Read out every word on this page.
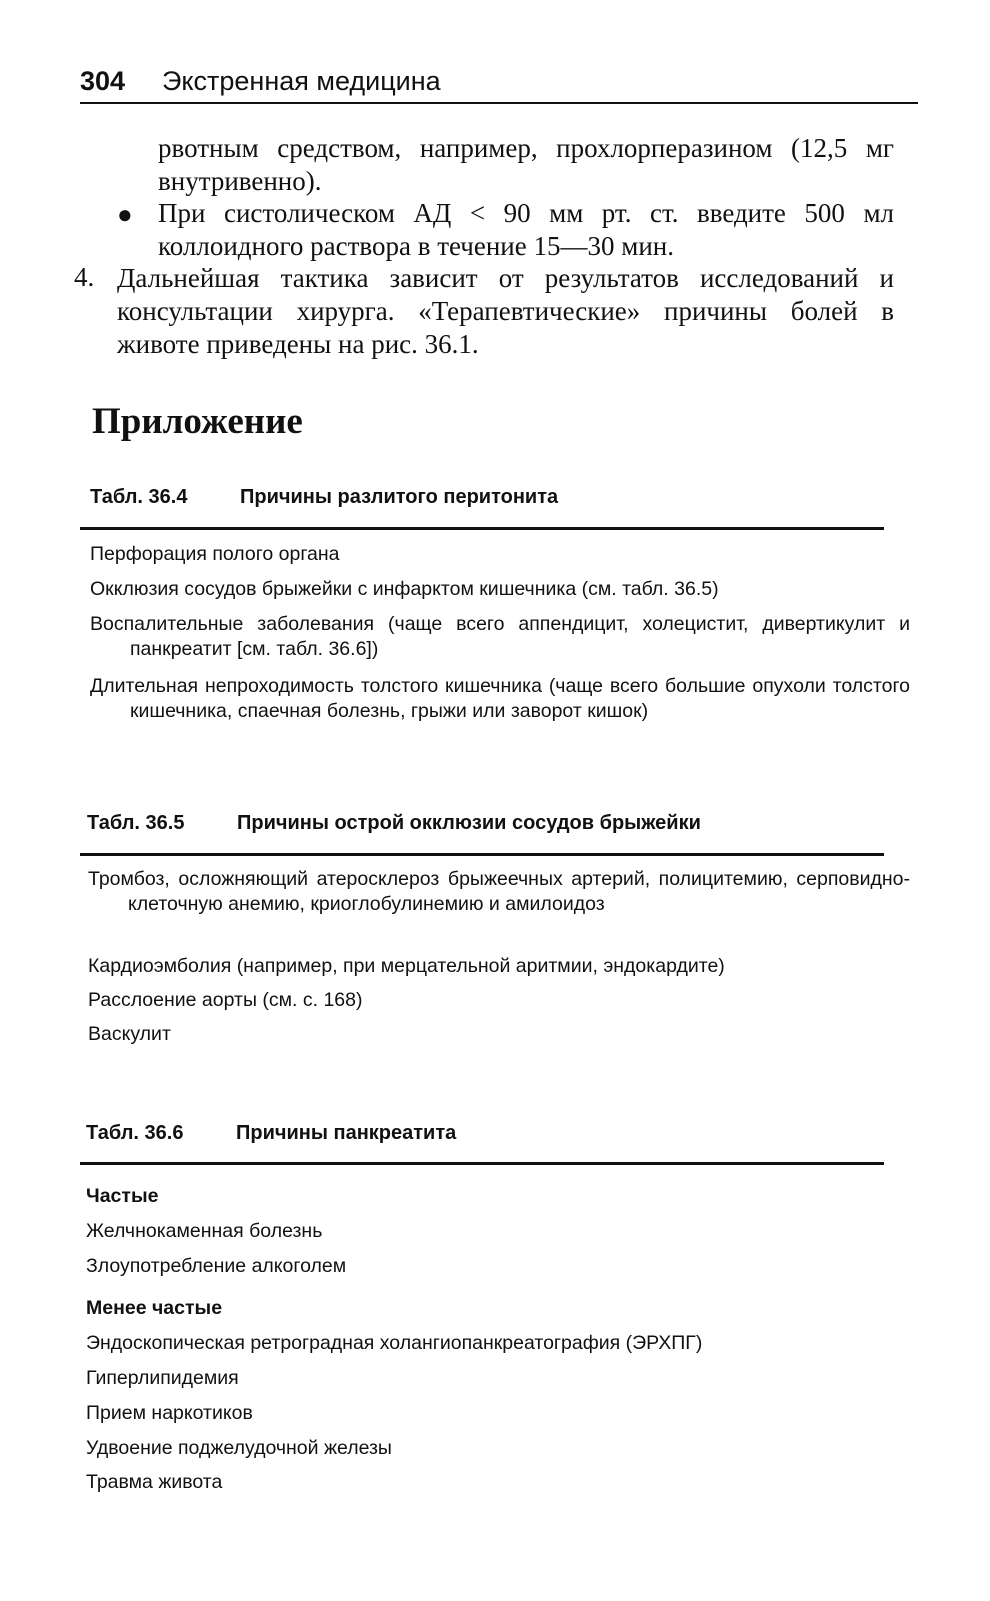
304 Экстренная медицина

рвотным средством, например, прохлорперазином (12,5 мг внутривенно).

● При систолическом АД < 90 мм рт. ст. введите 500 мл коллоидного раствора в течение 15—30 мин.

4. Дальнейшая тактика зависит от результатов исследований и консультации хирурга. «Терапевтические» причины болей в животе приведены на рис. 36.1.

Приложение
Табл. 36.4	Причины разлитого перитонита

Перфорация полого органа

Окклюзия сосудов брыжейки с инфарктом кишечника (см. табл. 36.5)

Воспалительные заболевания (чаще всего аппендицит, холецистит, дивертикулит и панкреатит [см. табл. 36.6])

Длительная непроходимость толстого кишечника (чаще всего большие опухоли толстого кишечника, спаечная болезнь, грыжи или заворот кишок)

Табл. 36.5	Причины острой окклюзии сосудов брыжейки

Тромбоз, осложняющий атеросклероз брыжеечных артерий, полицитемию, серповидно-клеточную анемию, криоглобулинемию и амилоидоз

Кардиоэмболия (например, при мерцательной аритмии, эндокардите)

Расслоение аорты (см. с. 168)

Васкулит

Табл. 36.6	Причины панкреатита

Частые

Желчнокаменная болезнь

Злоупотребление алкоголем

Менее частые

Эндоскопическая ретроградная холангиопанкреатография (ЭРХПГ)

Гиперлипидемия

Прием наркотиков

Удвоение поджелудочной железы

Травма живота
